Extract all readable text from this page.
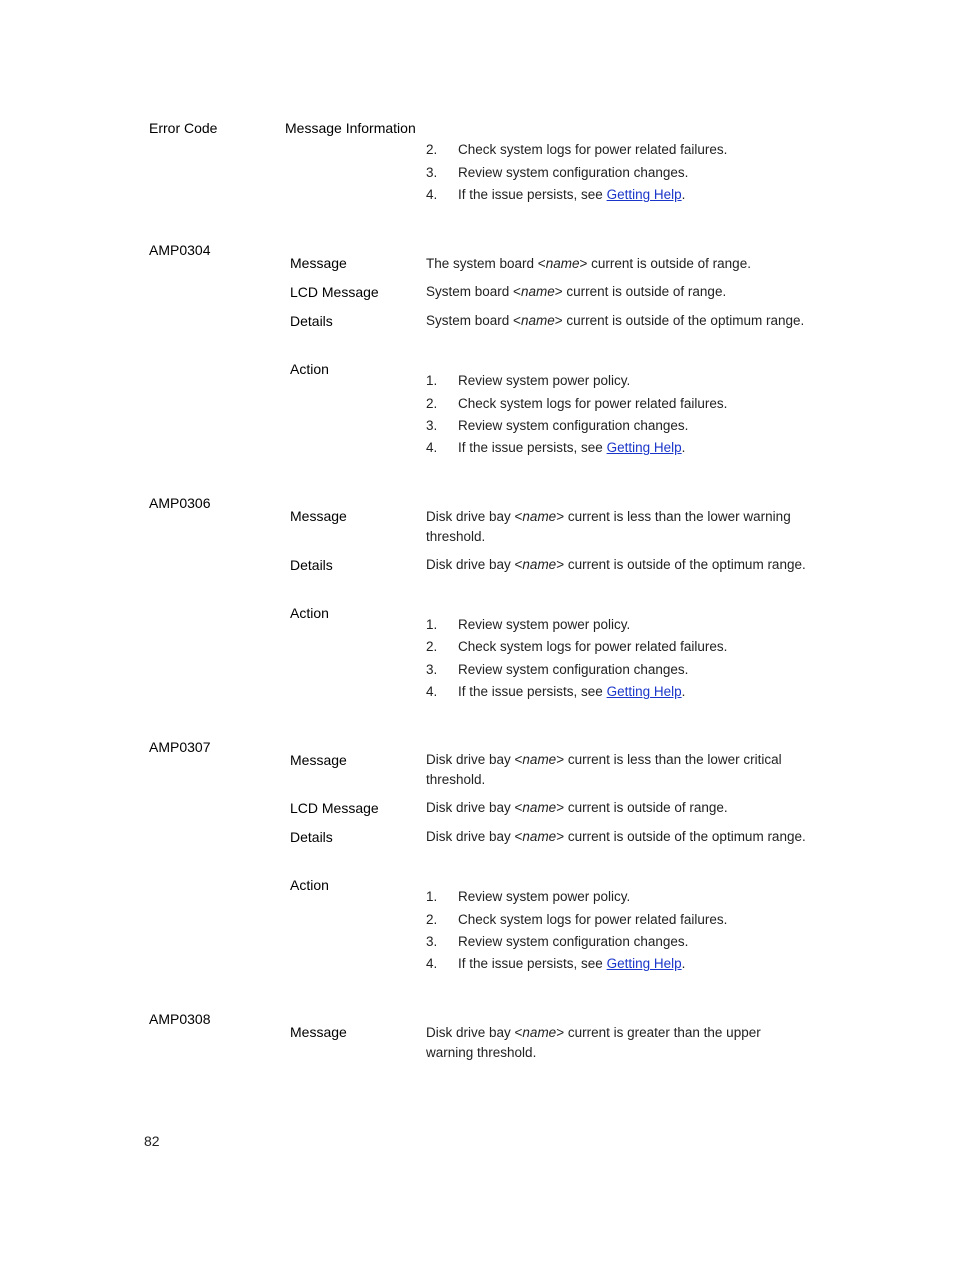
Error Code	Message Information
2. Check system logs for power related failures.
3. Review system configuration changes.
4. If the issue persists, see Getting Help.
AMP0304
Message	The system board <name> current is outside of range.
LCD Message	System board <name> current is outside of range.
Details	System board <name> current is outside of the optimum range.
Action
1. Review system power policy.
2. Check system logs for power related failures.
3. Review system configuration changes.
4. If the issue persists, see Getting Help.
AMP0306
Message	Disk drive bay <name> current is less than the lower warning threshold.
Details	Disk drive bay <name> current is outside of the optimum range.
Action
1. Review system power policy.
2. Check system logs for power related failures.
3. Review system configuration changes.
4. If the issue persists, see Getting Help.
AMP0307
Message	Disk drive bay <name> current is less than the lower critical threshold.
LCD Message	Disk drive bay <name> current is outside of range.
Details	Disk drive bay <name> current is outside of the optimum range.
Action
1. Review system power policy.
2. Check system logs for power related failures.
3. Review system configuration changes.
4. If the issue persists, see Getting Help.
AMP0308
Message	Disk drive bay <name> current is greater than the upper warning threshold.
82
